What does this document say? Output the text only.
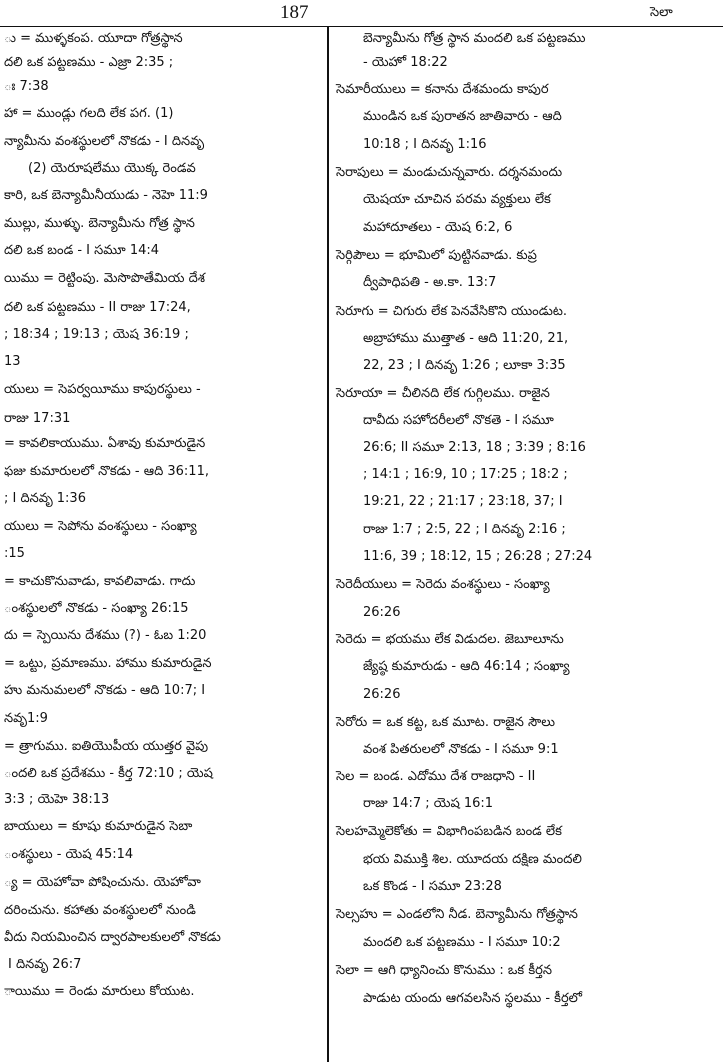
187	సెలా
ు = ముళ్ళకంప. యూదా గోత్రస్థాన
దలి ఒక పట్టణము - ఎజ్రా 2:35 ;
ః 7:38
హా = ముండ్లు గలది లేక పగ. (1)
న్యామీను వంశస్థులలో నొకడు - I దినవృ
(2) యెరూషలేము యొక్క రెండవ
కారి, ఒక బెన్యామీనీయుడు - నెహె 11:9
ముల్లు, ముళ్ళు. బెన్యామీను గోత్ర స్థాన
దలి ఒక బండ - I సమూ 14:4
యిము = రెట్టింపు. మెసొపొతేమియ దేశ
దలి ఒక పట్టణము - II రాజు 17:24,
; 18:34 ; 19:13 ; యెష 36:19 ;
13
యులు = సెపర్వయీము కాపురస్థులు -
రాజు 17:31
= కావలికాయుము. ఏశావు కుమారుడైన
ఫజు కుమారులలో నొకడు - ఆది 36:11,
; I దినవృ 1:36
యులు = సెపోను వంశస్థులు - సంఖ్యా
:15
= కాచుకొనువాడు, కావలివాడు. గాదు
ంశస్థులలో నొకడు - సంఖ్యా 26:15
దు = స్పెయిను దేశము (?) - ఓబ 1:20
= ఒట్టు, ప్రమాణము. హాము కుమారుడైన
హు మనుమలలో నొకడు - ఆది 10:7; I
నవృ1:9
= త్రాగుము. ఐతియొపీయ యుత్తర వైపు
ందలి ఒక ప్రదేశము - కీర్త 72:10 ; యెష
3:3 ; యెహె 38:13
బాయులు = కూషు కుమారుడైన సెబా
ంశస్థులు - యెష 45:14
్య = యెహోవా పోషించును. యెహోవా
దరించును. కహాతు వంశస్థులలో నుండి
వీదు నియమించిన ద్వారపాలకులలో నొకడు
I దినవృ 26:7
ాయిము = రెండు మారులు కోయుట.
బెన్యామీను గోత్ర స్థాన మందలి ఒక పట్టణము
- యెహో 18:22
సెమారీయులు = కనాను దేశమందు కాపుర
ముండిన ఒక పురాతన జాతివారు - ఆది
10:18 ; I దినవృ 1:16
సెరాపులు = మండుచున్నవారు. దర్శనమందు
యెషయా చూచిన పరమ వ్యక్తులు లేక
మహాదూతలు - యెష 6:2, 6
సెర్గిపౌలు = భూమిలో పుట్టినవాడు. కుప్ర
ద్వీపాధిపతి - అ.కా. 13:7
సెరూగు = చిగురు లేక పెనవేసికొని యుండుట.
అబ్రాహాము ముత్తాత - ఆది 11:20, 21,
22, 23 ; I దినవృ 1:26 ; లూకా 3:35
సెరూయా = చీలినది లేక గుగ్గిలము. రాజైన
దావీదు సహోదరీలలో నొకతె - I సమూ
26:6; II సమూ 2:13, 18 ; 3:39 ; 8:16
; 14:1 ; 16:9, 10 ; 17:25 ; 18:2 ;
19:21, 22 ; 21:17 ; 23:18, 37; I
రాజు 1:7 ; 2:5, 22 ; I దినవృ 2:16 ;
11:6, 39 ; 18:12, 15 ; 26:28 ; 27:24
సెరెదీయులు = సెరెదు వంశస్థులు - సంఖ్యా
26:26
సెరెదు = భయము లేక విడుదల. జెబూలూను
జ్యేష్ఠ కుమారుడు - ఆది 46:14 ; సంఖ్యా
26:26
సెరోరు = ఒక కట్ట, ఒక మూట. రాజైన సౌలు
వంశ పితరులలో నొకడు - I సమూ 9:1
సెల = బండ. ఎదోము దేశ రాజధాని - II
రాజు 14:7 ; యెష 16:1
సెలహమ్మెలెకోతు = విభాగింపబడిన బండ లేక
భయ విముక్తి శిల. యూదయ దక్షిణ మందలి
ఒక కొండ - I సమూ 23:28
సెల్సహు = ఎండలోని నీడ. బెన్యామీను గోత్రస్థాన
మందలి ఒక పట్టణము - I సమూ 10:2
సెలా = ఆగి ధ్యానించు కొనుము : ఒక కీర్తన
పాడుట యందు ఆగవలసిన స్థలము - కీర్తలో
